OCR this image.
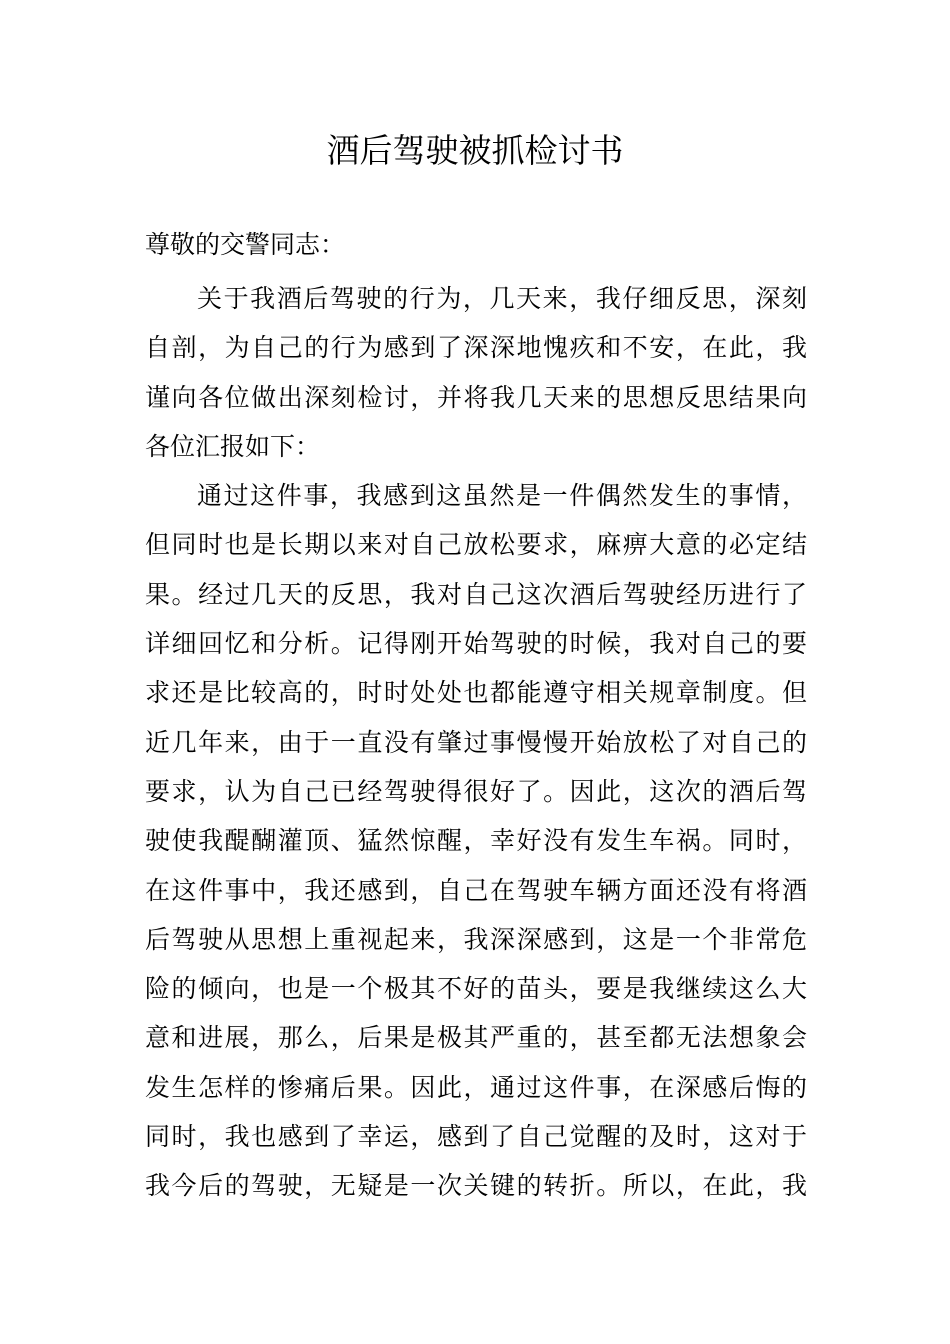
酒后驾驶被抓检讨书
尊敬的交警同志：
关于我酒后驾驶的行为，几天来，我仔细反思，深刻
自剖，为自己的行为感到了深深地愧疚和不安，在此，我
谨向各位做出深刻检讨，并将我几天来的思想反思结果向
各位汇报如下：
通过这件事，我感到这虽然是一件偶然发生的事情，
但同时也是长期以来对自己放松要求，麻痹大意的必定结
果。经过几天的反思，我对自己这次酒后驾驶经历进行了
详细回忆和分析。记得刚开始驾驶的时候，我对自己的要
求还是比较高的，时时处处也都能遵守相关规章制度。但
近几年来，由于一直没有肇过事慢慢开始放松了对自己的
要求，认为自己已经驾驶得很好了。因此，这次的酒后驾
驶使我醍醐灌顶、猛然惊醒，幸好没有发生车祸。同时，
在这件事中，我还感到，自己在驾驶车辆方面还没有将酒
后驾驶从思想上重视起来，我深深感到，这是一个非常危
险的倾向，也是一个极其不好的苗头，要是我继续这么大
意和进展，那么，后果是极其严重的，甚至都无法想象会
发生怎样的惨痛后果。因此，通过这件事，在深感后悔的
同时，我也感到了幸运，感到了自己觉醒的及时，这对于
我今后的驾驶，无疑是一次关键的转折。所以，在此，我
